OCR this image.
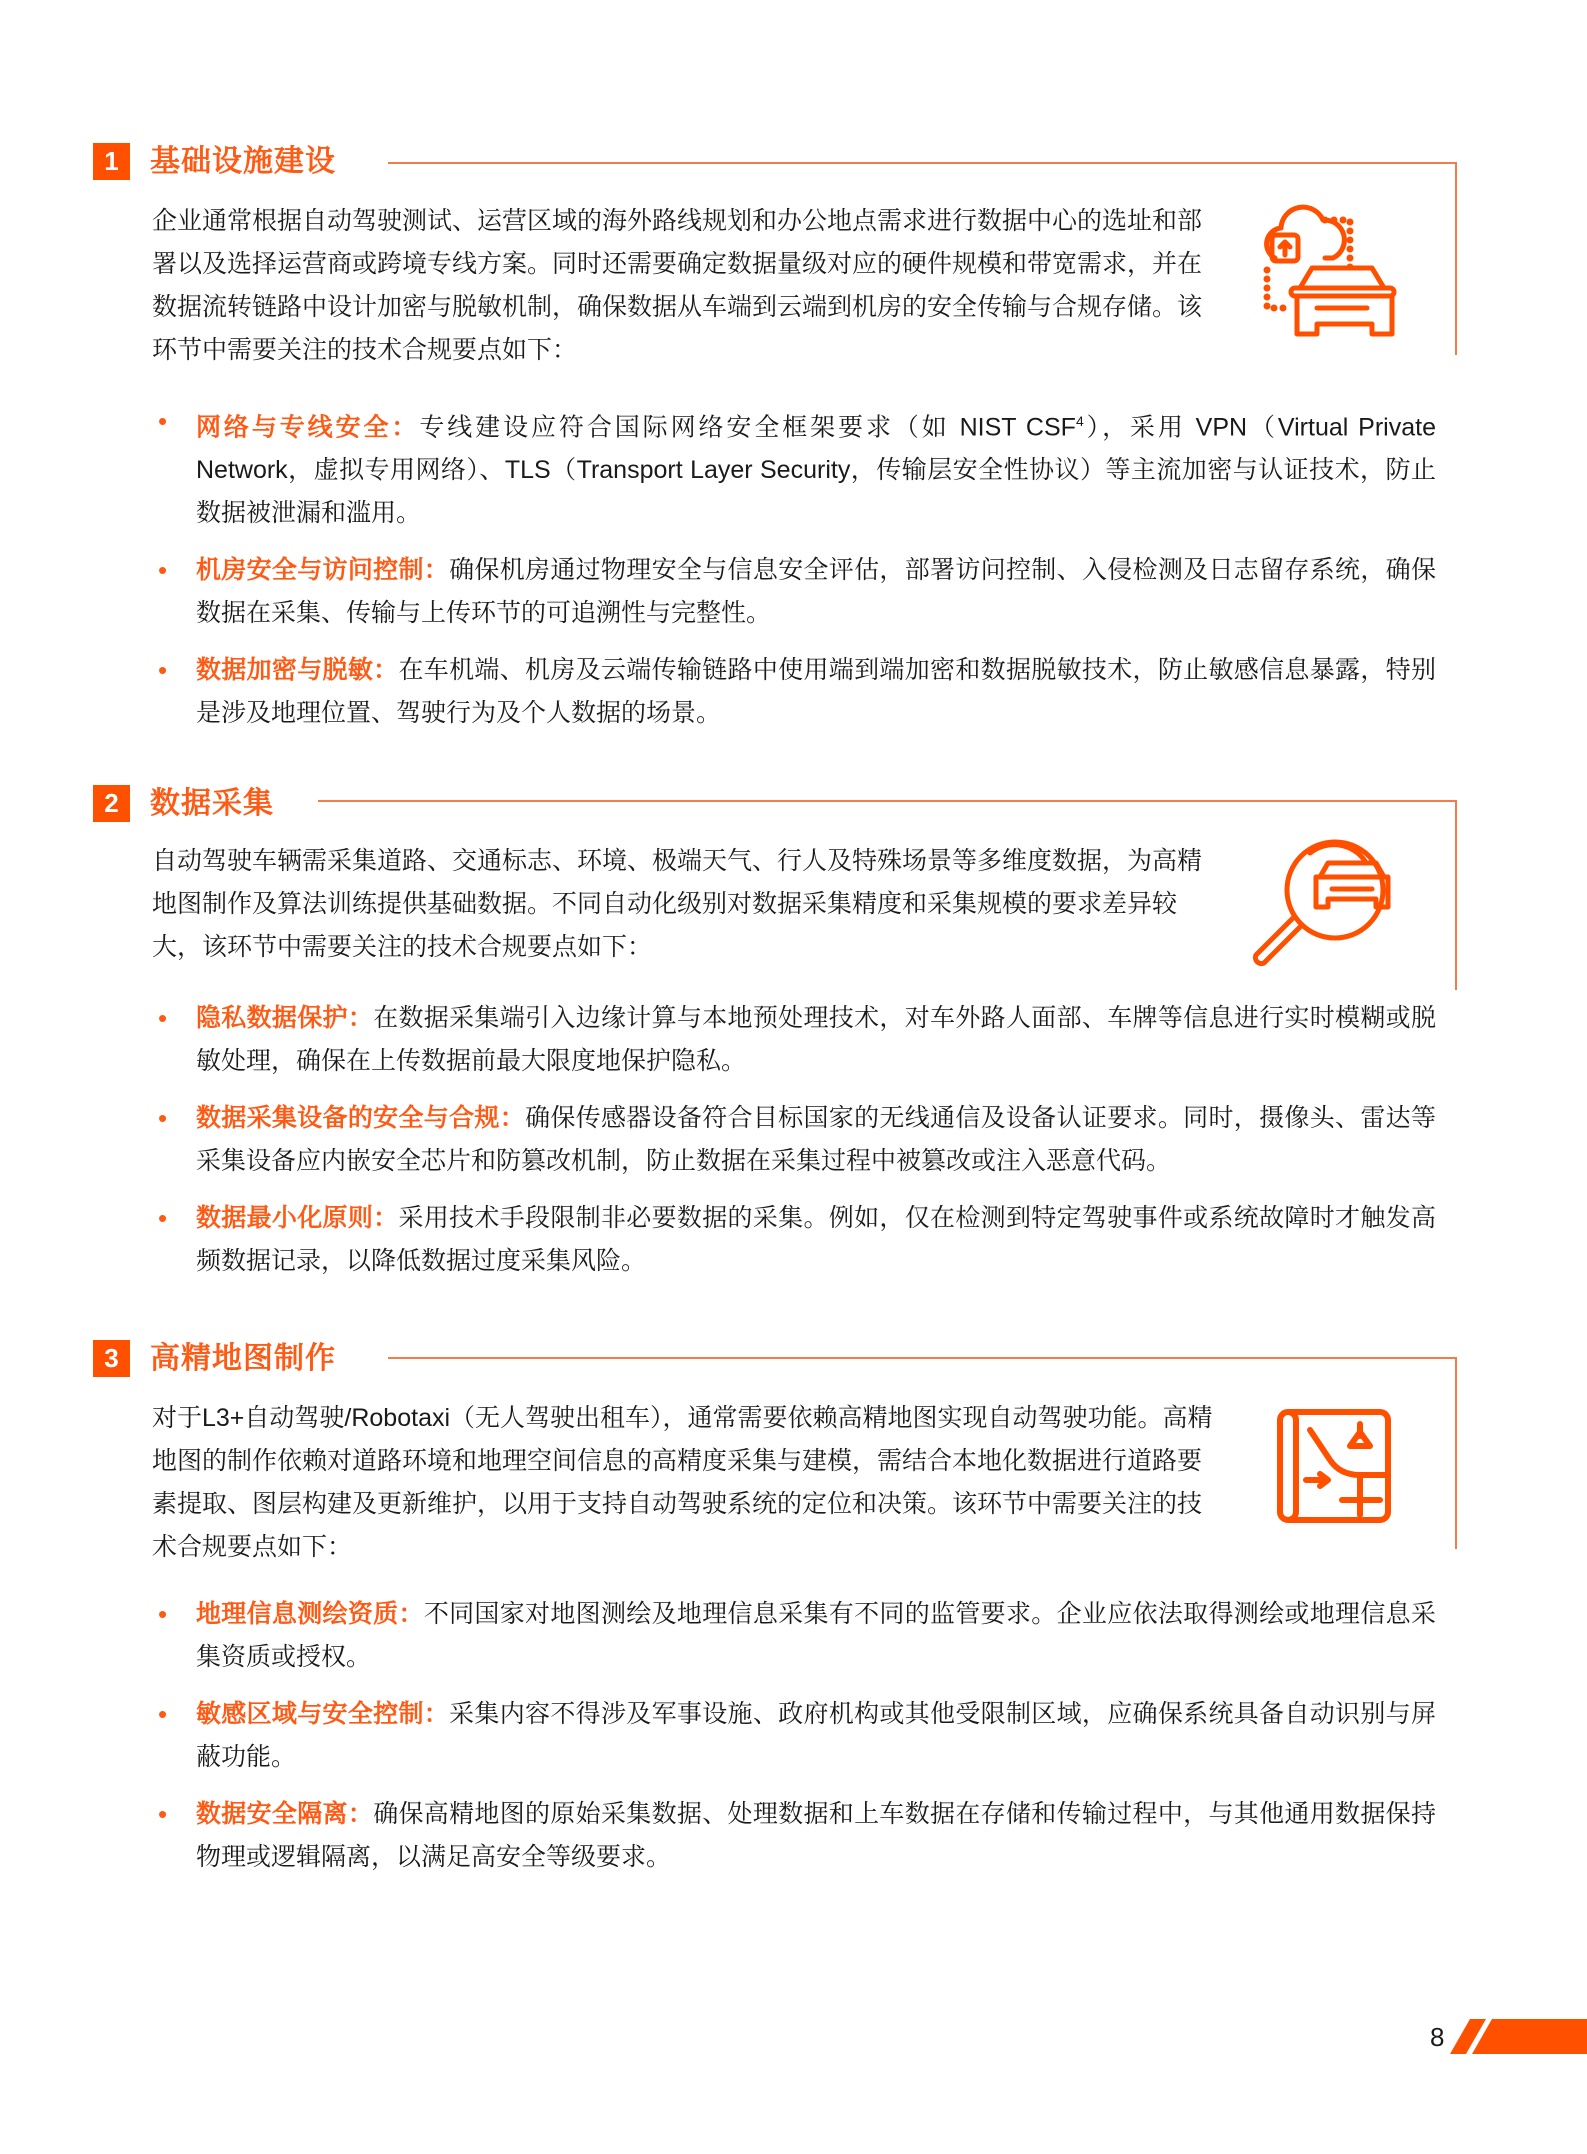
1	基础设施建设

企业通常根据自动驾驶测试、运营区域的海外路线规划和办公地点需求进行数据中心的选址和部署以及选择运营商或跨境专线方案。同时还需要确定数据量级对应的硬件规模和带宽需求，并在数据流转链路中设计加密与脱敏机制，确保数据从车端到云端到机房的安全传输与合规存储。该环节中需要关注的技术合规要点如下：

• 网络与专线安全：专线建设应符合国际网络安全框架要求（如 NIST CSF$^4$），采用 VPN（Virtual Private Network，虚拟专用网络）、TLS（Transport Layer Security，传输层安全性协议）等主流加密与认证技术，防止数据被泄漏和滥用。
• 机房安全与访问控制：确保机房通过物理安全与信息安全评估，部署访问控制、入侵检测及日志留存系统，确保数据在采集、传输与上传环节的可追溯性与完整性。
• 数据加密与脱敏：在车机端、机房及云端传输链路中使用端到端加密和数据脱敏技术，防止敏感信息暴露，特别是涉及地理位置、驾驶行为及个人数据的场景。
2	数据采集

自动驾驶车辆需采集道路、交通标志、环境、极端天气、行人及特殊场景等多维度数据，为高精地图制作及算法训练提供基础数据。不同自动化级别对数据采集精度和采集规模的要求差异较大，该环节中需要关注的技术合规要点如下：

• 隐私数据保护：在数据采集端引入边缘计算与本地预处理技术，对车外路人面部、车牌等信息进行实时模糊或脱敏处理，确保在上传数据前最大限度地保护隐私。
• 数据采集设备的安全与合规：确保传感器设备符合目标国家的无线通信及设备认证要求。同时，摄像头、雷达等采集设备应内嵌安全芯片和防篡改机制，防止数据在采集过程中被篡改或注入恶意代码。
• 数据最小化原则：采用技术手段限制非必要数据的采集。例如，仅在检测到特定驾驶事件或系统故障时才触发高频数据记录，以降低数据过度采集风险。
3	高精地图制作

对于L3+自动驾驶/Robotaxi（无人驾驶出租车），通常需要依赖高精地图实现自动驾驶功能。高精地图的制作依赖对道路环境和地理空间信息的高精度采集与建模，需结合本地化数据进行道路要素提取、图层构建及更新维护，以用于支持自动驾驶系统的定位和决策。该环节中需要关注的技术合规要点如下：

• 地理信息测绘资质：不同国家对地图测绘及地理信息采集有不同的监管要求。企业应依法取得测绘或地理信息采集资质或授权。
• 敏感区域与安全控制：采集内容不得涉及军事设施、政府机构或其他受限制区域，应确保系统具备自动识别与屏蔽功能。
• 数据安全隔离：确保高精地图的原始采集数据、处理数据和上车数据在存储和传输过程中，与其他通用数据保持物理或逻辑隔离，以满足高安全等级要求。
8
